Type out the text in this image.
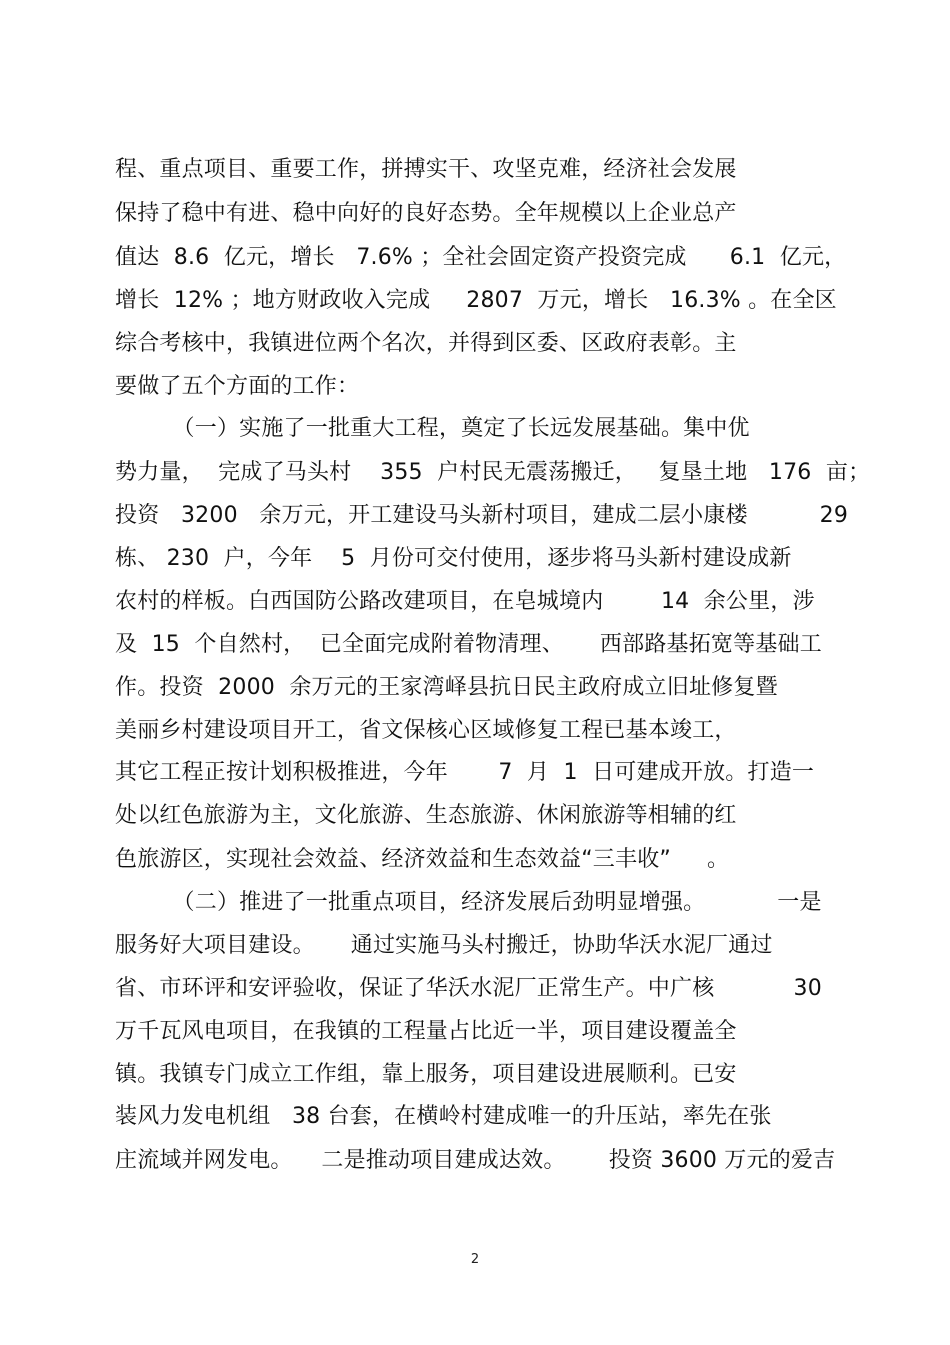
程、重点项目、重要工作，拼搏实干、攻坚克难，经济社会发展
保持了稳中有进、稳中向好的良好态势。全年规模以上企业总产
值达  8.6  亿元，增长   7.6% ；全社会固定资产投资完成      6.1  亿元，
增长  12% ；地方财政收入完成     2807  万元，增长   16.3% 。在全区
综合考核中，我镇进位两个名次，并得到区委、区政府表彰。主
要做了五个方面的工作：
（一）实施了一批重大工程，奠定了长远发展基础。集中优
势力量，  完成了马头村    355  户村民无震荡搬迁，   复垦土地   176  亩；
投资   3200   余万元，开工建设马头新村项目，建成二层小康楼          29
栋、 230  户，今年    5  月份可交付使用，逐步将马头新村建设成新
农村的样板。白西国防公路改建项目，在皂城境内        14  余公里，涉
及  15  个自然村，  已全面完成附着物清理、     西部路基拓宽等基础工
作。投资  2000  余万元的王家湾峄县抗日民主政府成立旧址修复暨
美丽乡村建设项目开工，省文保核心区域修复工程已基本竣工，
其它工程正按计划积极推进，今年       7  月  1  日可建成开放。打造一
处以红色旅游为主，文化旅游、生态旅游、休闲旅游等相辅的红
色旅游区，实现社会效益、经济效益和生态效益“三丰收”     。
（二）推进了一批重点项目，经济发展后劲明显增强。          一是
服务好大项目建设。     通过实施马头村搬迁，协助华沃水泥厂通过
省、市环评和安评验收，保证了华沃水泥厂正常生产。中广核           30
万千瓦风电项目，在我镇的工程量占比近一半，项目建设覆盖全
镇。我镇专门成立工作组，靠上服务，项目建设进展顺利。已安
装风力发电机组   38 台套，在横岭村建成唯一的升压站，率先在张
庄流域并网发电。    二是推动项目建成达效。      投资 3600 万元的爱吉
2
